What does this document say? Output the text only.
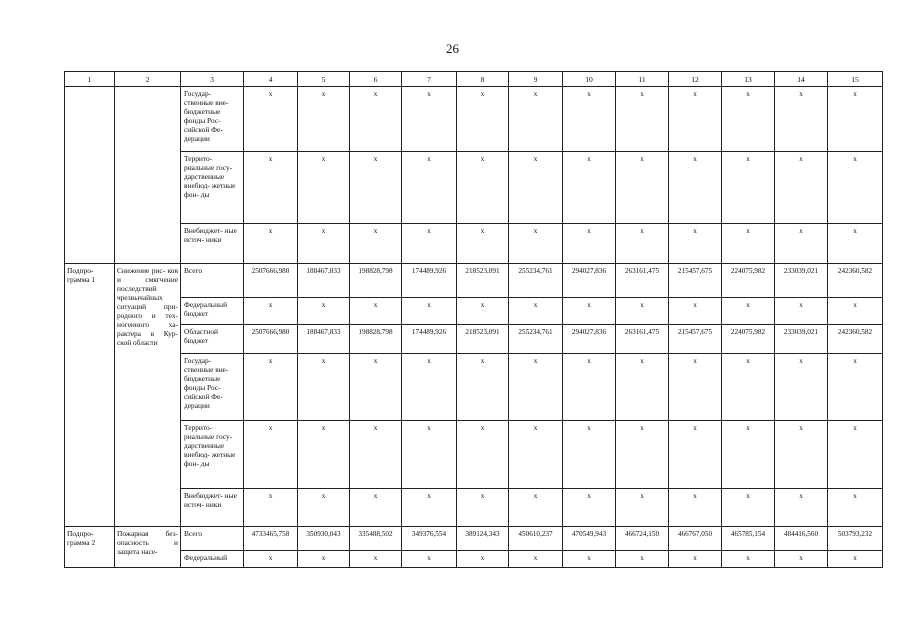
26
1	2	3	4	5	6	7	8	9	10	11	12	13	14	15
		Государ- ственные вне- бюджетные фонды Рос- сийской Фе- дерации	x	x	x	x	x	x	x	x	x	x	x	x
		Террито- риальные госу- дарственные внебюд- жетные фон- ды	x	x	x	x	x	x	x	x	x	x	x	x
		Внебюджет- ные источ- ники	x	x	x	x	x	x	x	x	x	x	x	x
Подпро- грамма 1	Снижение рис- ков и смягчение последствий чрезвычайных ситуаций при- родного и тех- ногенного ха- рактера в Кур- ской области	Всего	2507666,980	188467,833	198828,798	174489,926	218523,091	255234,761	294027,836	263161,475	215457,675	224075,982	233039,021	242360,582
		Федеральный бюджет	x	x	x	x	x	x	x	x	x	x	x	x
		Областной бюджет	2507666,980	188467,833	198828,798	174489,926	218523,091	255234,761	294027,836	263161,475	215457,675	224075,982	233039,021	242360,582
		Государ- ственные вне- бюджетные фонды Рос- сийской Фе- дерации	x	x	x	x	x	x	x	x	x	x	x	x
		Террито- риальные госу- дарственные внебюд- жетные фон- ды	x	x	x	x	x	x	x	x	x	x	x	x
		Внебюджет- ные источ- ники	x	x	x	x	x	x	x	x	x	x	x	x
Подпро- грамма 2	Пожарная без- опасность и защита насе-	Всего	4733465,758	350930,043	335488,502	349376,554	389124,343	450610,237	470549,943	466724,150	466767,050	465785,154	484416,560	503793,232
		Федеральный	x	x	x	x	x	x	x	x	x	x	x	x
